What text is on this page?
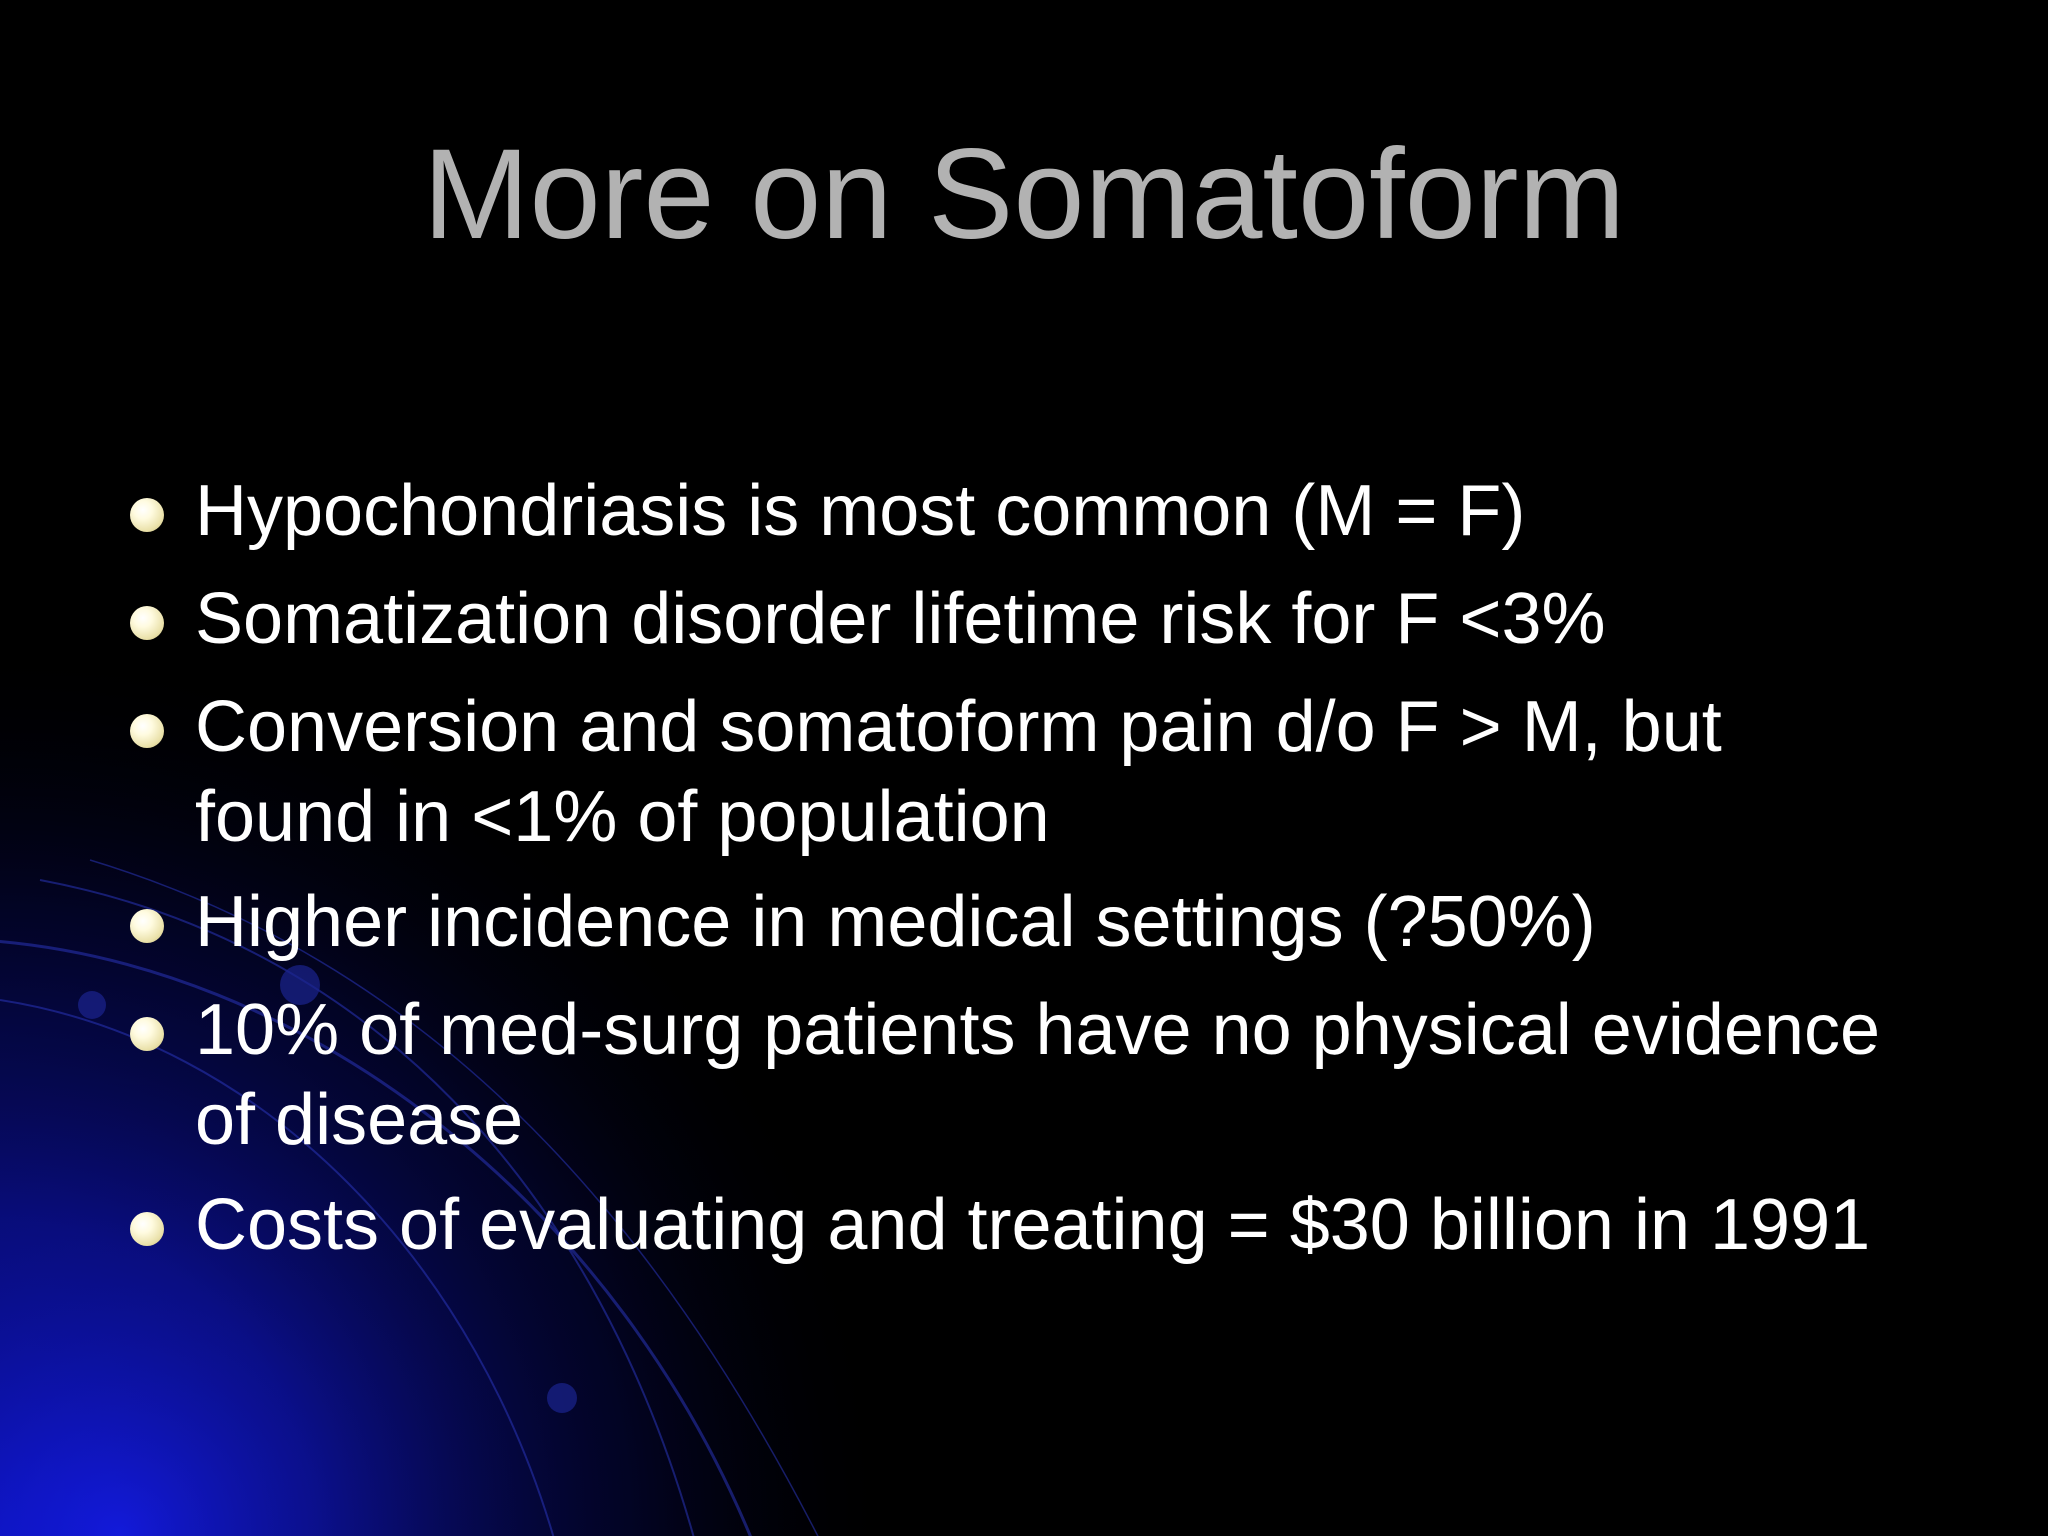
More on Somatoform
Hypochondriasis is most common (M = F)
Somatization disorder lifetime risk for F <3%
Conversion and somatoform pain d/o F > M, but
found in <1% of population
Higher incidence in medical settings (?50%)
10% of med-surg patients have no physical evidence
of disease
Costs of evaluating and treating = $30 billion in 1991
